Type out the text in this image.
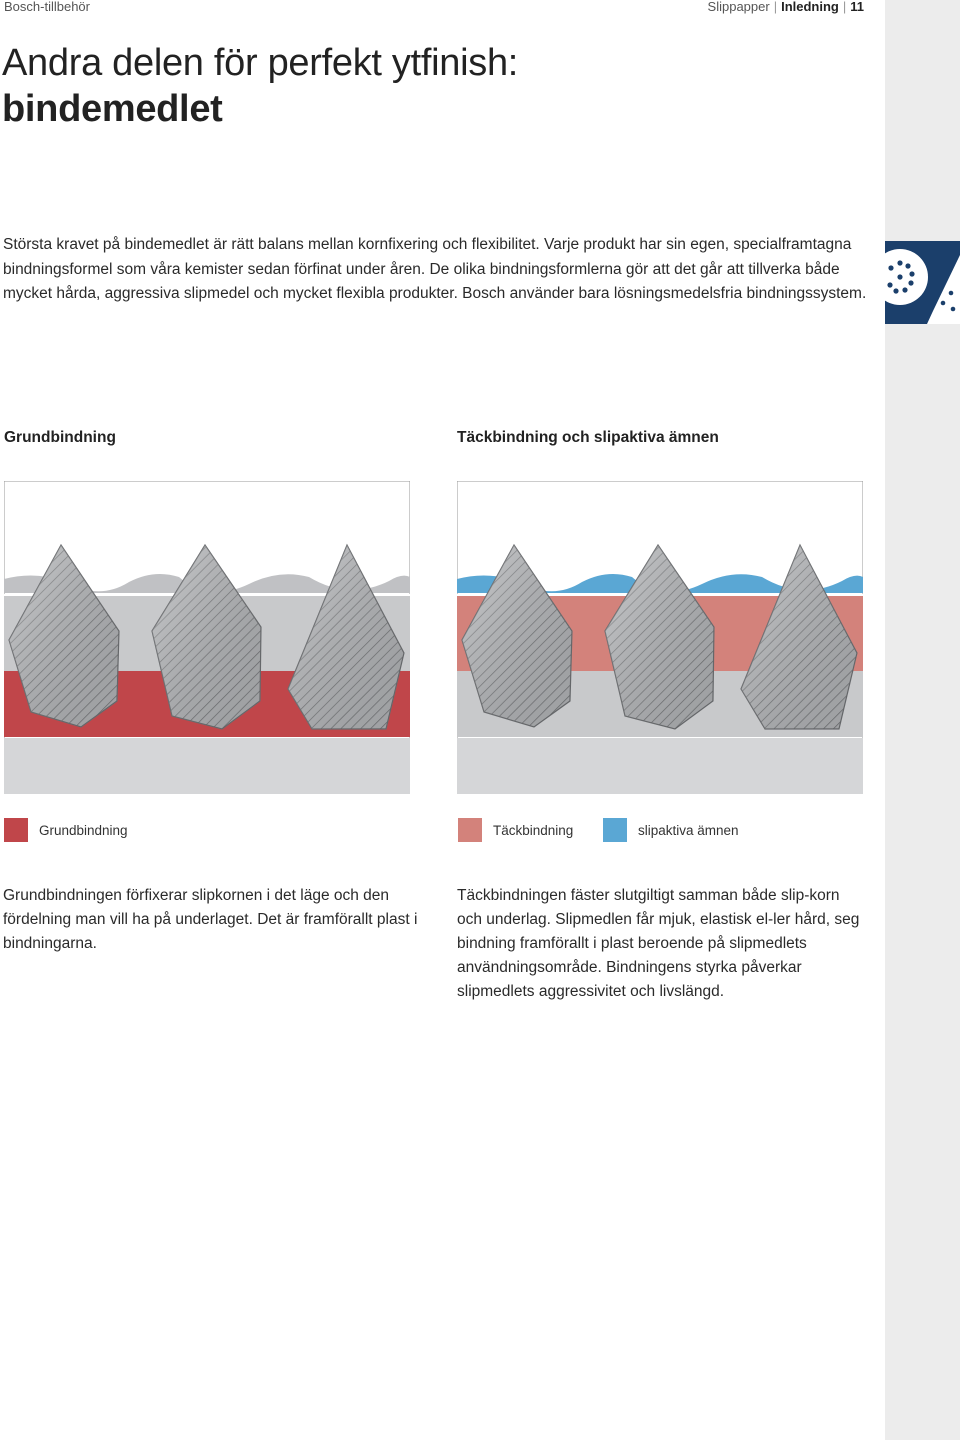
Bosch-tillbehör	Slippapper | Inledning | 11
Andra delen för perfekt ytfinish:
bindemedlet
Största kravet på bindemedlet är rätt balans mellan kornfixering och flexibilitet. Varje produkt har sin egen, specialframtagna bindningsformel som våra kemister sedan förfinat under åren. De olika bindningsformlerna gör att det går att tillverka både mycket hårda, aggressiva slipmedel och mycket flexibla produkter. Bosch använder bara lösningsmedelsfria bindningssystem.
Grundbindning	Täckbindning och slipaktiva ämnen
Grundbindning	Täckbindning	slipaktiva ämnen
Grundbindningen förfixerar slipkornen i det läge och den fördelning man vill ha på underlaget. Det är framförallt plast i bindningarna.
Täckbindningen fäster slutgiltigt samman både slip-korn och underlag. Slipmedlen får mjuk, elastisk el-ler hård, seg bindning framförallt i plast beroende på slipmedlets användningsområde. Bindningens styrka påverkar slipmedlets aggressivitet och livslängd.
